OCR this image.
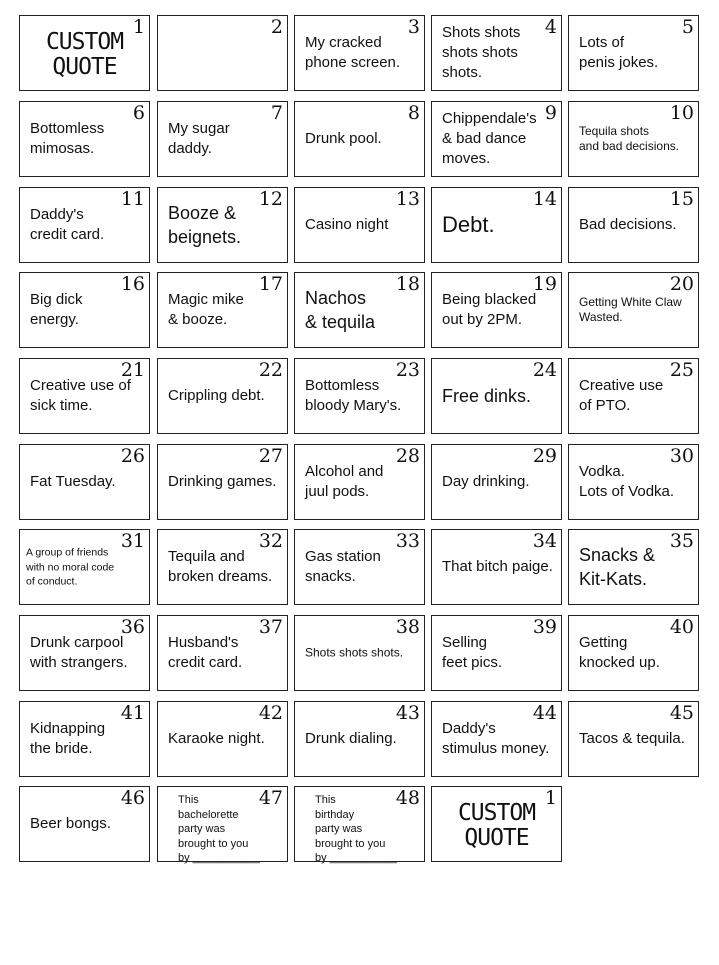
1
CUSTOM
QUOTE
2	3
My cracked
phone screen.
4
Shots shots
shots shots
shots.
5
Lots of
penis jokes.
6
Bottomless
mimosas.
7
My sugar
daddy.
8
Drunk pool.
9
Chippendale's
& bad dance
moves.
10
Tequila shots
and bad decisions.
11
Daddy's
credit card.
12
Booze &
beignets.
13
Casino night
14
Debt.
15
Bad decisions.
16
Big dick
energy.
17
Magic mike
& booze.
18
Nachos
& tequila
19
Being blacked
out by 2PM.
20
Getting White Claw
Wasted.
21
Creative use of
sick time.
22
Crippling debt.
23
Bottomless
bloody Mary's.
24
Free dinks.
25
Creative use
of PTO.
26
Fat Tuesday.
27
Drinking games.
28
Alcohol and
juul pods.
29
Day drinking.
30
Vodka.
Lots of Vodka.
31
A group of friends
with no moral code
of conduct.
32
Tequila and
broken dreams.
33
Gas station
snacks.
34
That bitch paige.
35
Snacks &
Kit-Kats.
36
Drunk carpool
with strangers.
37
Husband's
credit card.
38
Shots shots shots.
39
Selling
feet pics.
40
Getting
knocked up.
41
Kidnapping
the bride.
42
Karaoke night.
43
Drunk dialing.
44
Daddy's
stimulus money.
45
Tacos & tequila.
46
Beer bongs.
47
This
bachelorette
party was
brought to you
by ___________
48
This
birthday
party was
brought to you
by ___________
1
CUSTOM
QUOTE
